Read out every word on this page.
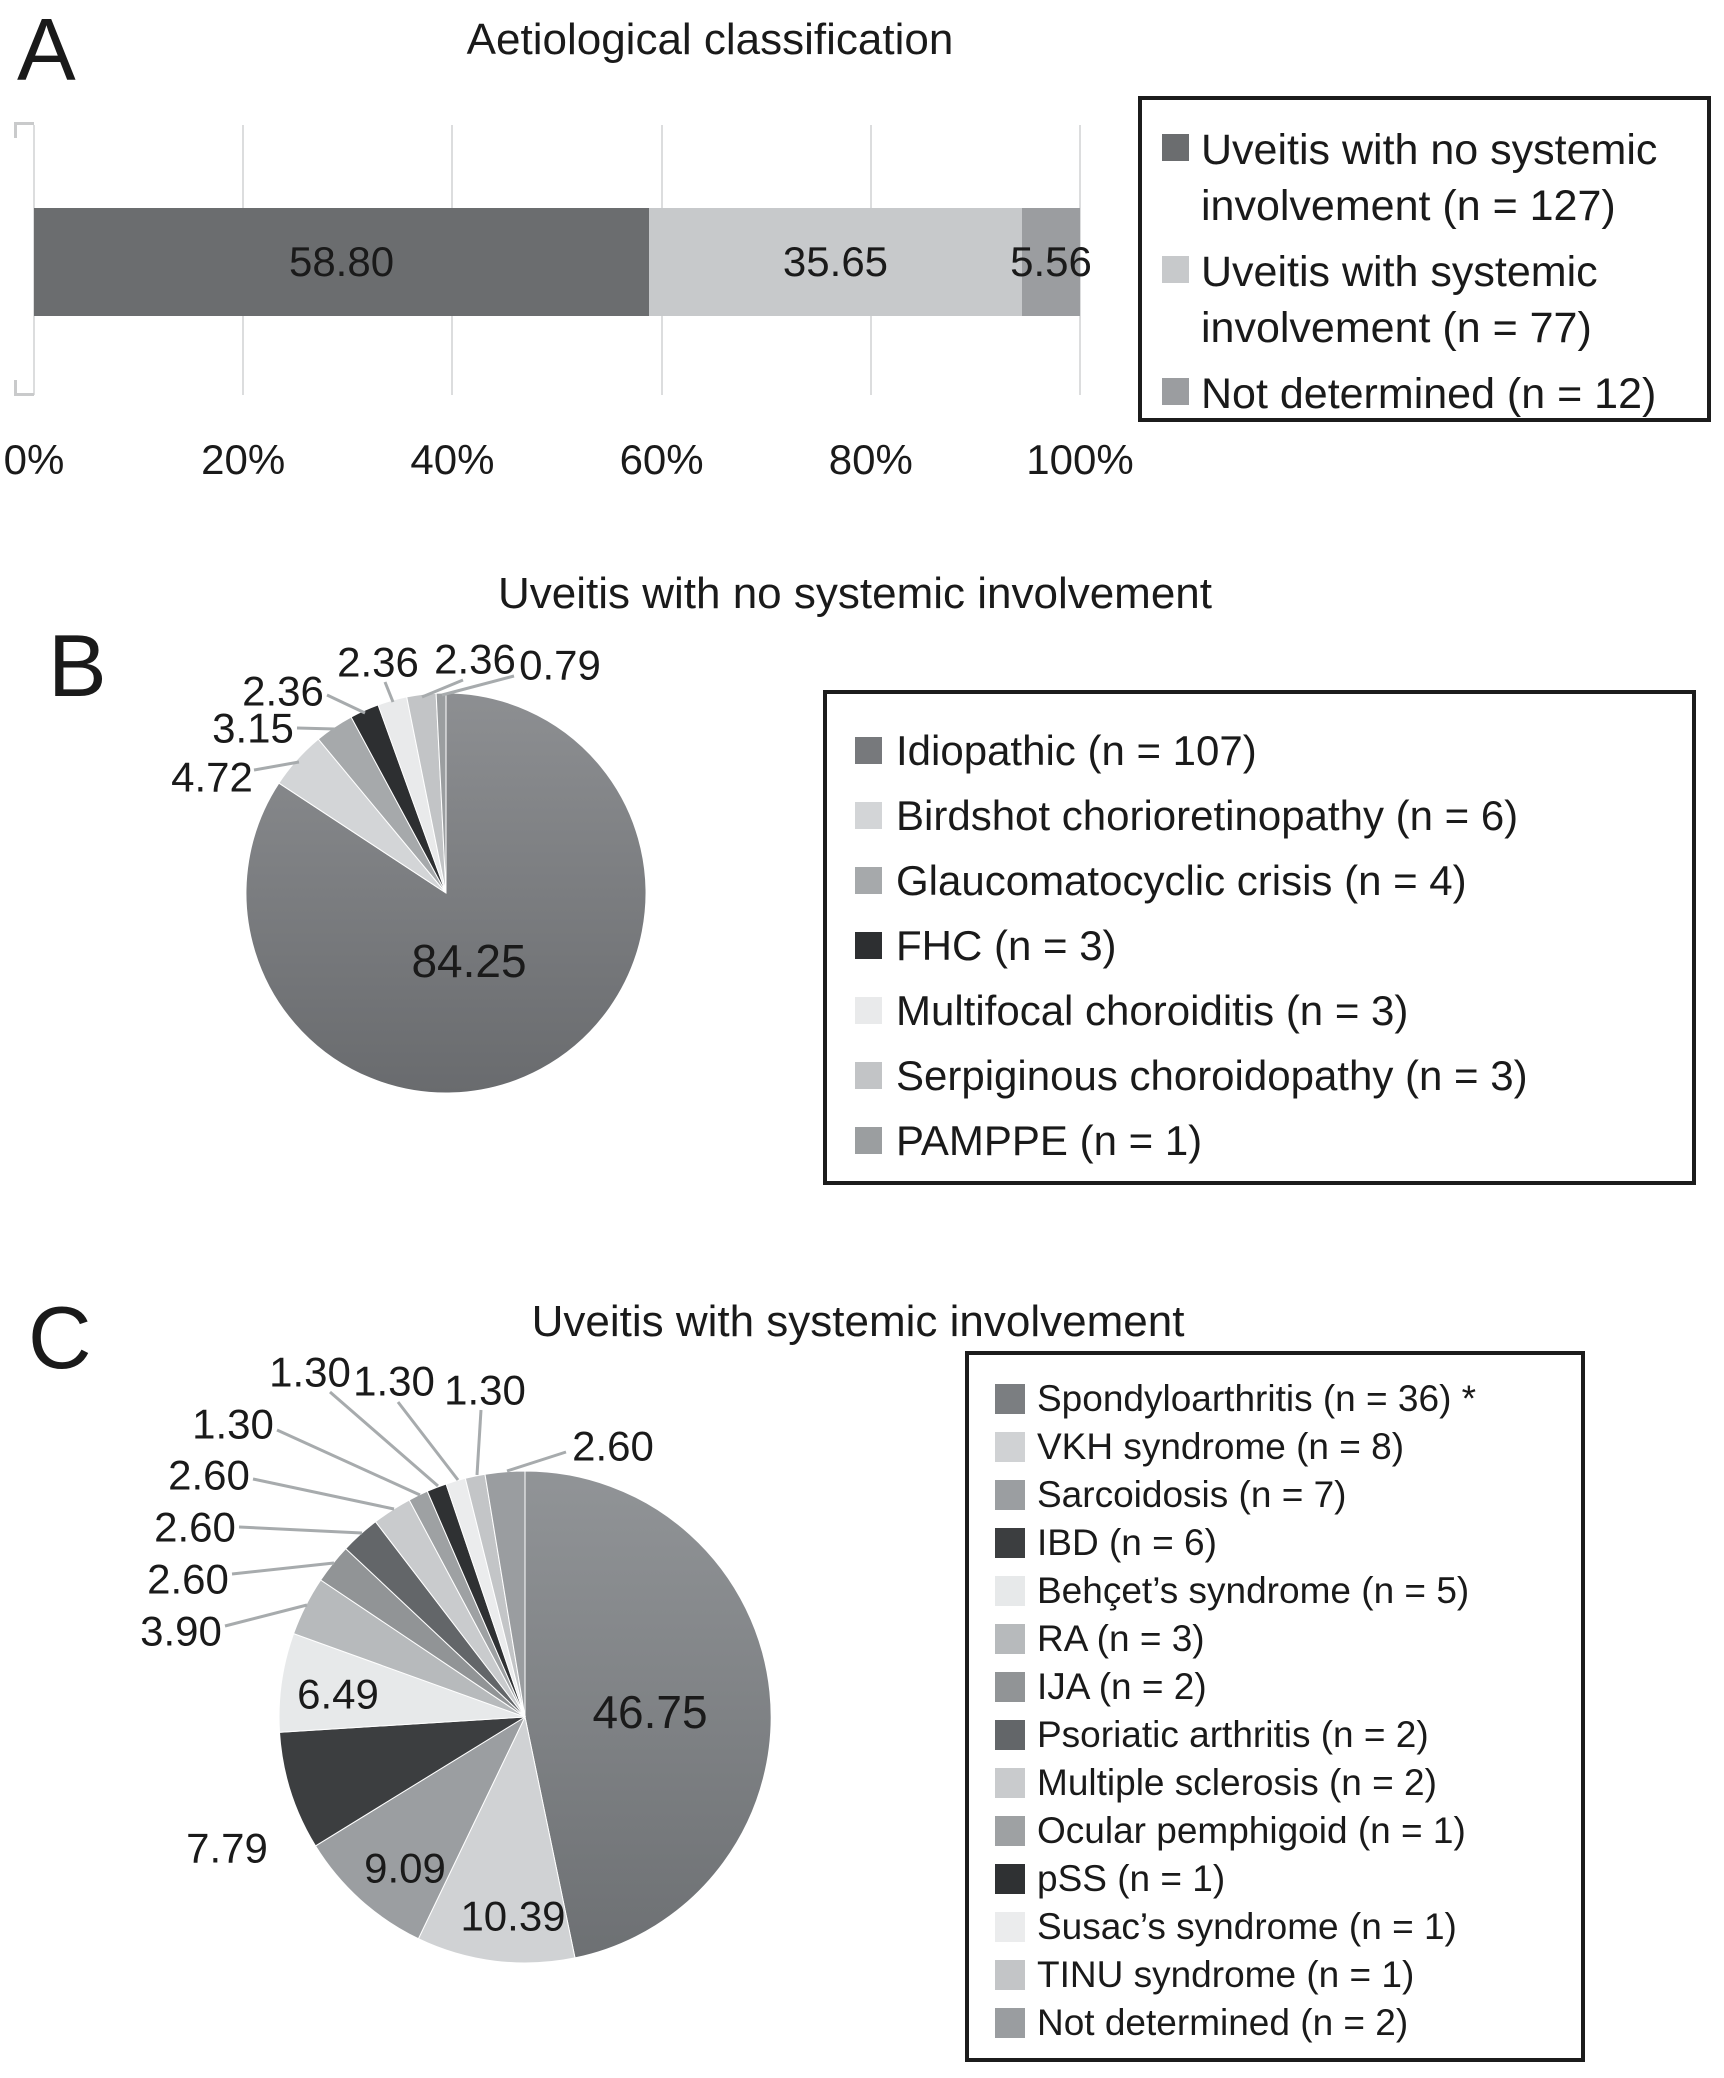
A	Aetiological classification
0%	20%	40%	60%	80%	100%
58.80	35.65	5.56
Uveitis with no systemic involvement (n = 127)
Uveitis with systemic involvement (n = 77)
Not determined (n = 12)
B
Uveitis with no systemic involvement
Idiopathic (n = 107)
Birdshot chorioretinopathy (n = 6)
Glaucomatocyclic crisis (n = 4)
FHC (n = 3)
Multifocal choroiditis (n = 3)
Serpiginous choroidopathy (n = 3)
PAMPPE (n = 1)
C	Uveitis with systemic involvement
Spondyloarthritis (n = 36) *
VKH syndrome (n = 8)
Sarcoidosis (n = 7)
IBD (n = 6)
Behçet’s syndrome (n = 5)
RA (n = 3)
IJA (n = 2)
Psoriatic arthritis (n = 2)
Multiple sclerosis (n = 2)
Ocular pemphigoid (n = 1)
pSS (n = 1)
Susac’s syndrome (n = 1)
TINU syndrome (n = 1)
Not determined (n = 2)
84.25
4.72
3.15
2.36
2.36 2.36 0.79
46.75
10.39
9.09
7.79
6.49
3.90
2.60
2.60
2.60
1.30
1.30 1.30 1.30
2.60
